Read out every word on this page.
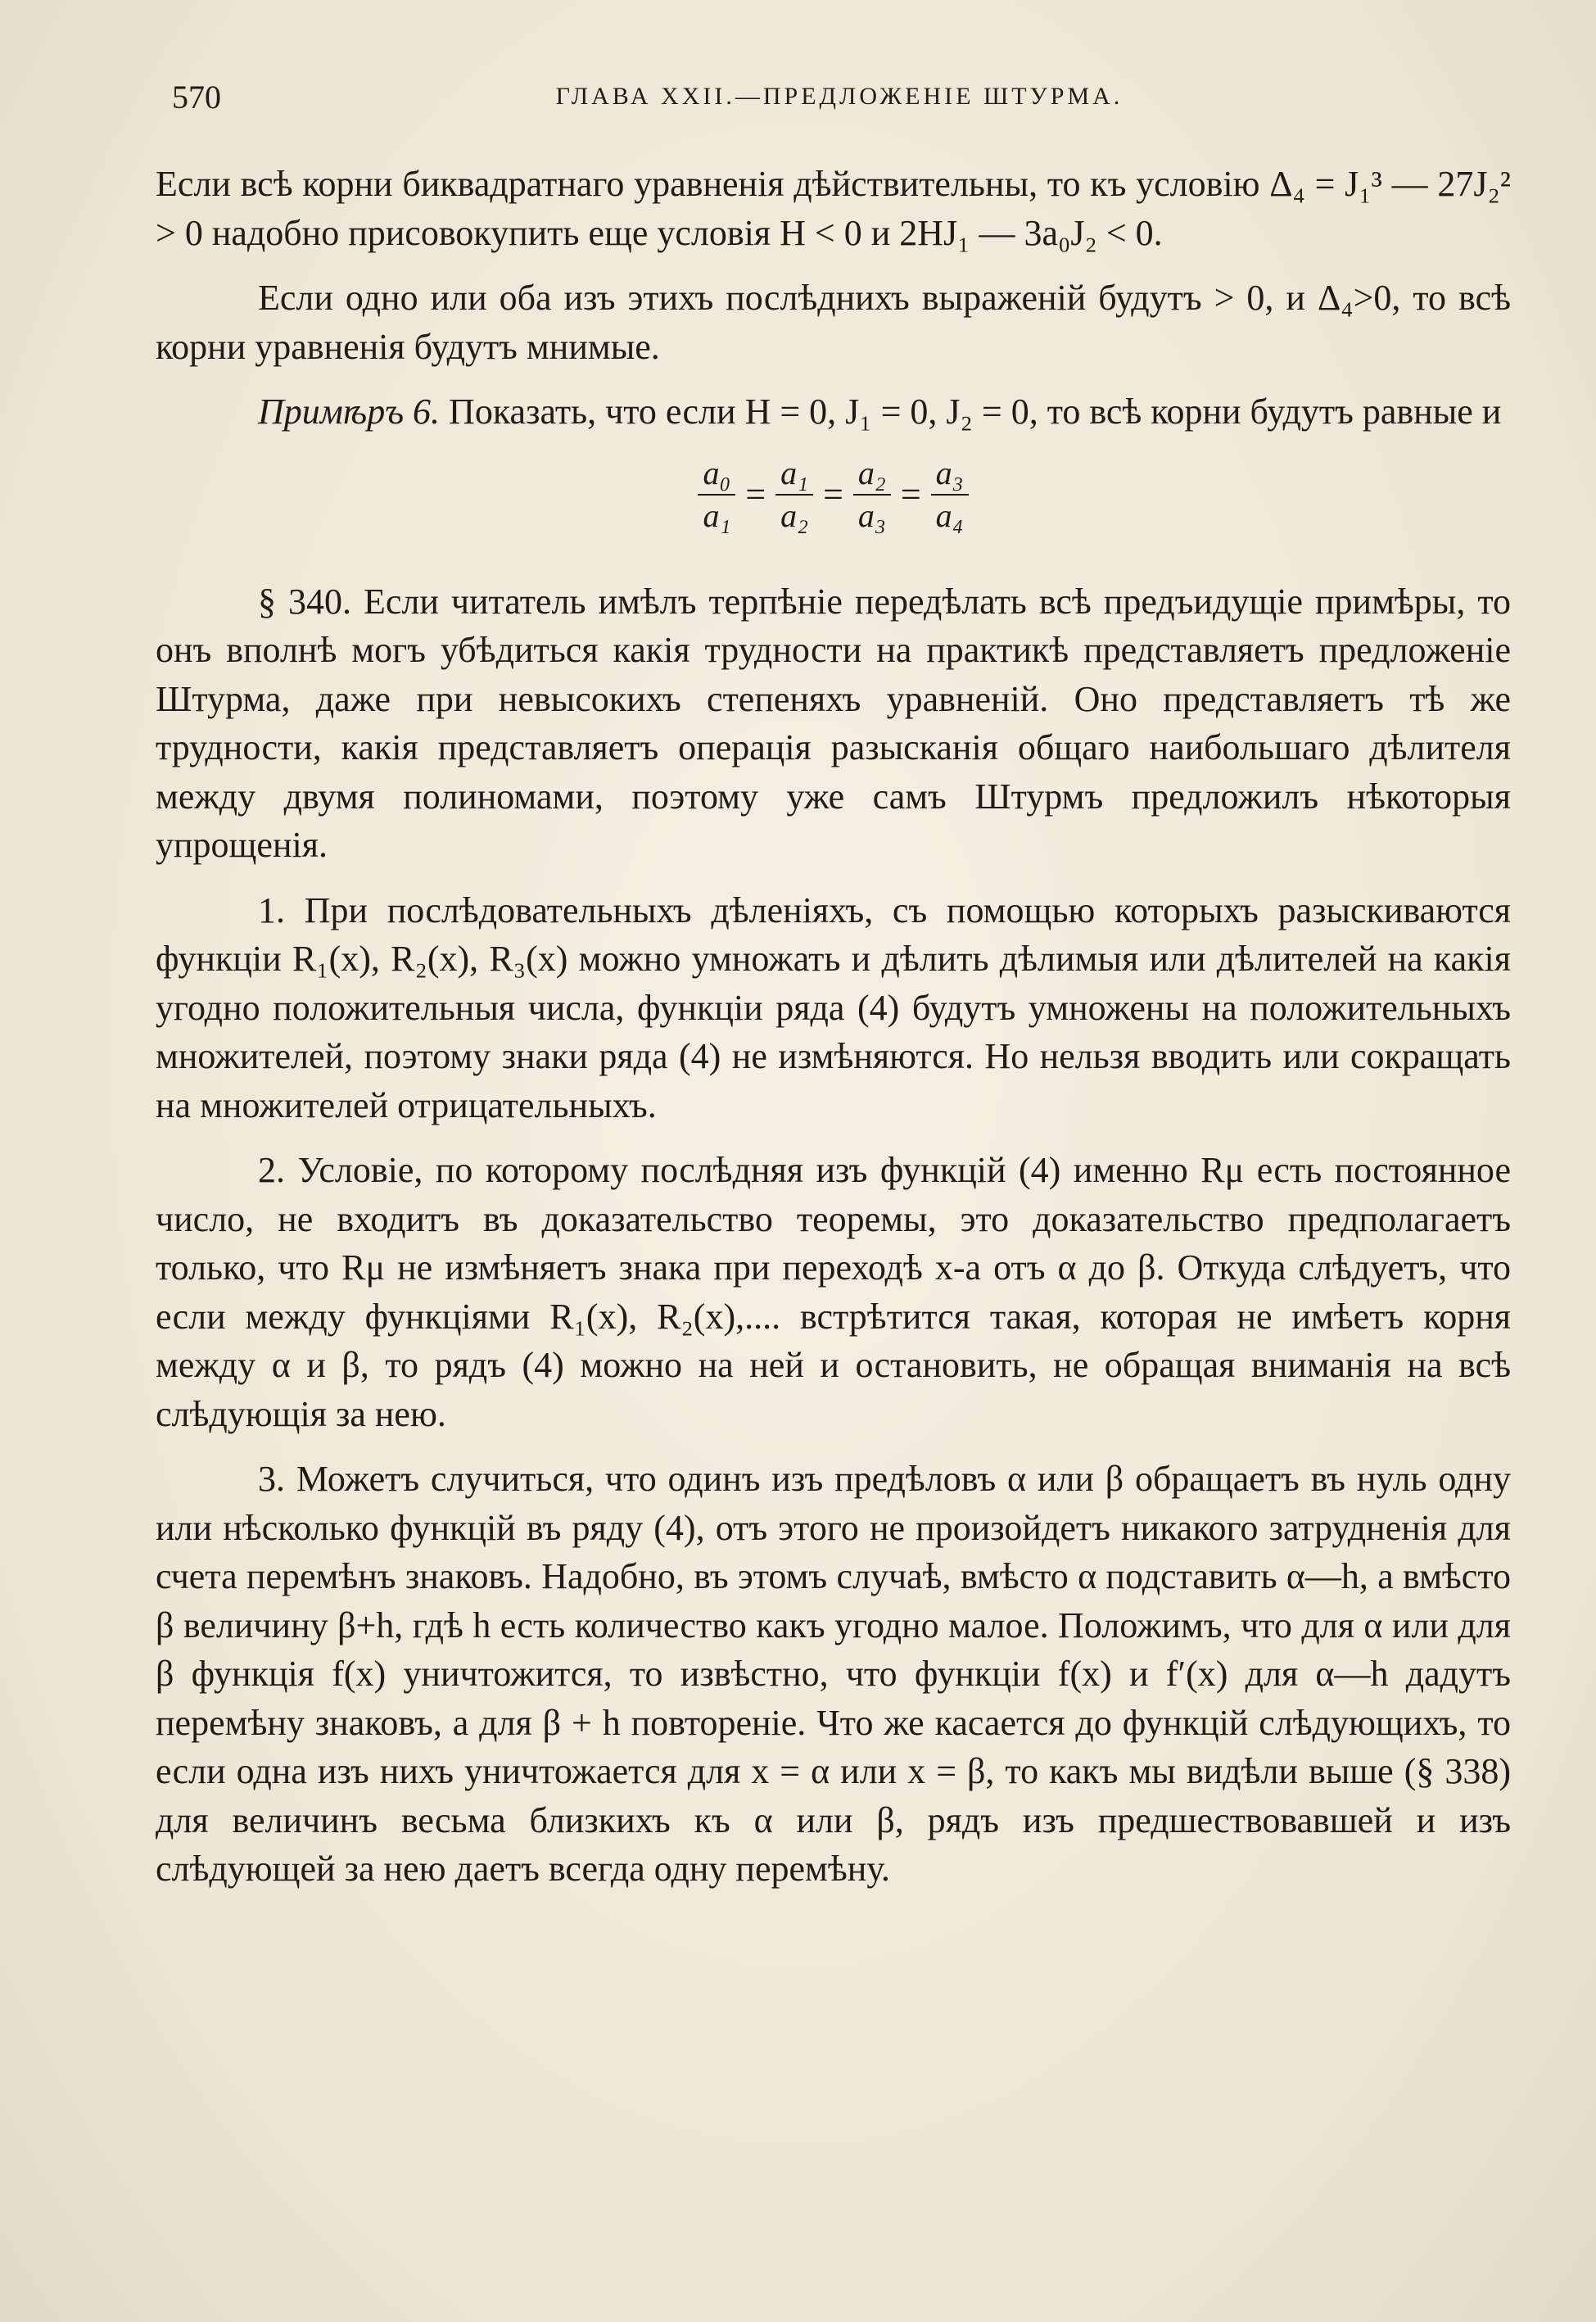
570	ГЛАВА XXII.—ПРЕДЛОЖЕНІЕ ШТУРМА.

Если всѣ корни биквадратнаго уравненія дѣйствительны, то къ условію Δ₄ = J₁³ — 27J₂² > 0 надобно присовокупить еще условія H < 0 и 2HJ₁ — 3a₀J₂ < 0.

Если одно или оба изъ этихъ послѣднихъ выраженій будутъ > 0, и Δ₄>0, то всѣ корни уравненія будутъ мнимые.

Примѣръ 6. Показать, что если H = 0, J₁ = 0, J₂ = 0, то всѣ корни будутъ равные и

$\frac{\text{a₀}}{\text{a₁}} = \frac{\text{a₁}}{\text{a₂}} = \frac{\text{a₂}}{\text{a₃}} = \frac{\text{a₃}}{\text{a₄}}$

§ 340. Если читатель имѣлъ терпѣніе передѣлать всѣ предъидущіе примѣры, то онъ вполнѣ могъ убѣдиться какія трудности на практикѣ представляетъ предложеніе Штурма, даже при невысокихъ степеняхъ уравненій. Оно представляетъ тѣ же трудности, какія представляетъ операція разысканія общаго наибольшаго дѣлителя между двумя полиномами, поэтому уже самъ Штурмъ предложилъ нѣкоторыя упрощенія.

1. При послѣдовательныхъ дѣленіяхъ, съ помощью которыхъ разыскиваются функціи R₁(x), R₂(x), R₃(x) можно умножать и дѣлить дѣлимыя или дѣлителей на какія угодно положительныя числа, функціи ряда (4) будутъ умножены на положительныхъ множителей, поэтому знаки ряда (4) не измѣняются. Но нельзя вводить или сокращать на множителей отрицательныхъ.

2. Условіе, по которому послѣдняя изъ функцій (4) именно Rμ есть постоянное число, не входитъ въ доказательство теоремы, это доказательство предполагаетъ только, что Rμ не измѣняетъ знака при переходѣ x-а отъ α до β. Откуда слѣдуетъ, что если между функціями R₁(x), R₂(x),.... встрѣтится такая, которая не имѣетъ корня между α и β, то рядъ (4) можно на ней и остановить, не обращая вниманія на всѣ слѣдующія за нею.

3. Можетъ случиться, что одинъ изъ предѣловъ α или β обращаетъ въ нуль одну или нѣсколько функцій въ ряду (4), отъ этого не произойдетъ никакого затрудненія для счета перемѣнъ знаковъ. Надобно, въ этомъ случаѣ, вмѣсто α подставить α—h, а вмѣсто β величину β+h, гдѣ h есть количество какъ угодно малое. Положимъ, что для α или для β функція f(x) уничтожится, то извѣстно, что функціи f(x) и f′(x) для α—h дадутъ перемѣну знаковъ, а для β + h повтореніе. Что же касается до функцій слѣдующихъ, то если одна изъ нихъ уничтожается для x = α или x = β, то какъ мы видѣли выше (§ 338) для величинъ весьма близкихъ къ α или β, рядъ изъ предшествовавшей и изъ слѣдующей за нею даетъ всегда одну перемѣну.
